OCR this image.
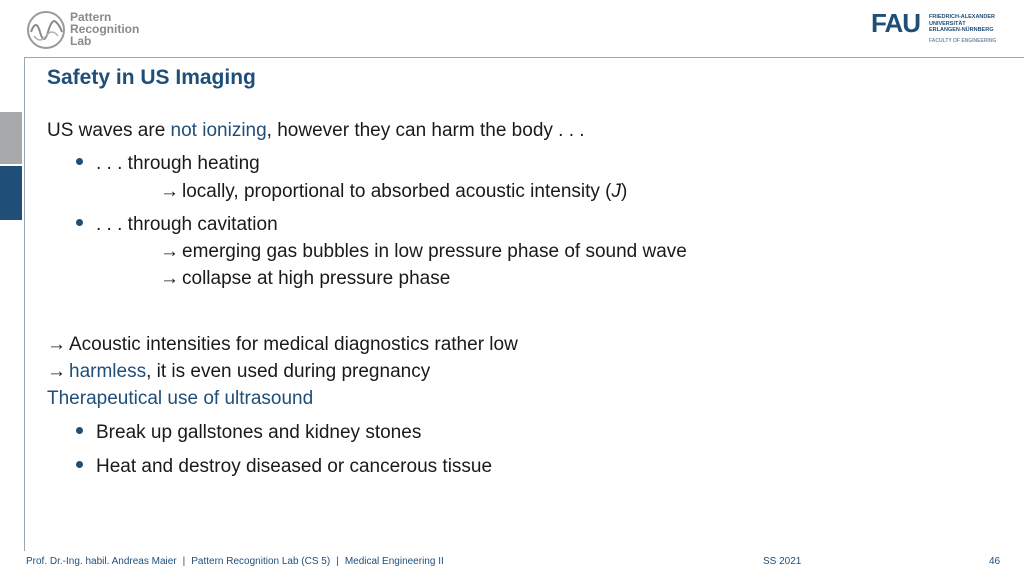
Pattern
Recognition
Lab
FAU FRIEDRICH-ALEXANDER
UNIVERSITÄT
ERLANGEN-NÜRNBERG
FACULTY OF ENGINEERING
Safety in US Imaging
US waves are not ionizing, however they can harm the body . . .
. . . through heating
→ locally, proportional to absorbed acoustic intensity (J)
. . . through cavitation
→ emerging gas bubbles in low pressure phase of sound wave
→ collapse at high pressure phase
→ Acoustic intensities for medical diagnostics rather low
→ harmless, it is even used during pregnancy
Therapeutical use of ultrasound
Break up gallstones and kidney stones
Heat and destroy diseased or cancerous tissue
Prof. Dr.-Ing. habil. Andreas Maier | Pattern Recognition Lab (CS 5) | Medical Engineering II	SS 2021	46
